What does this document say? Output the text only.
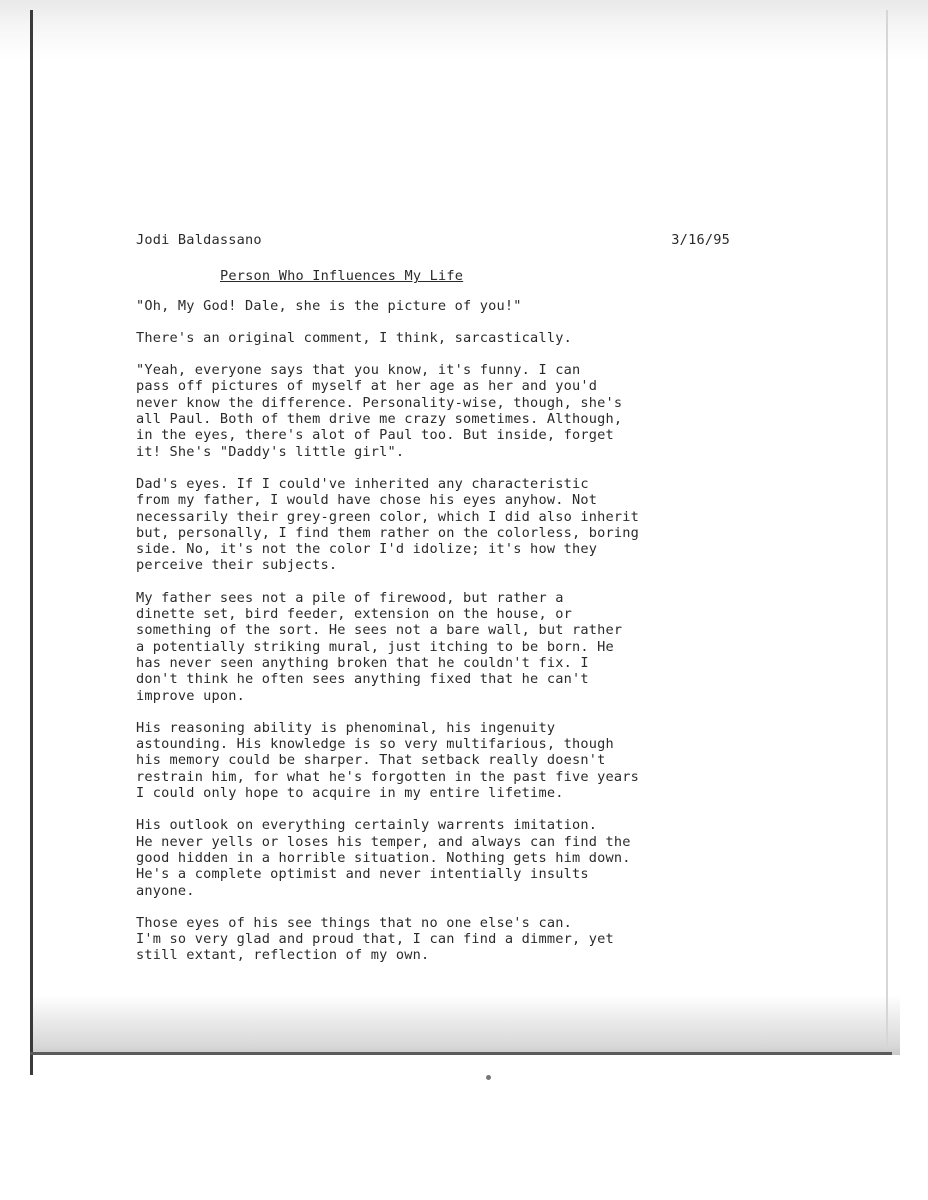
Jodi Baldassano	3/16/95
Person Who Influences My Life

"Oh, My God! Dale, she is the picture of you!"

There's an original comment, I think, sarcastically.

"Yeah, everyone says that you know, it's funny. I can
pass off pictures of myself at her age as her and you'd
never know the difference. Personality-wise, though, she's
all Paul. Both of them drive me crazy sometimes. Although,
in the eyes, there's alot of Paul too. But inside, forget
it! She's "Daddy's little girl".

Dad's eyes. If I could've inherited any characteristic
from my father, I would have chose his eyes anyhow. Not
necessarily their grey-green color, which I did also inherit
but, personally, I find them rather on the colorless, boring
side. No, it's not the color I'd idolize; it's how they
perceive their subjects.

My father sees not a pile of firewood, but rather a
dinette set, bird feeder, extension on the house, or
something of the sort. He sees not a bare wall, but rather
a potentially striking mural, just itching to be born. He
has never seen anything broken that he couldn't fix. I
don't think he often sees anything fixed that he can't
improve upon.

His reasoning ability is phenominal, his ingenuity
astounding. His knowledge is so very multifarious, though
his memory could be sharper. That setback really doesn't
restrain him, for what he's forgotten in the past five years
I could only hope to acquire in my entire lifetime.

His outlook on everything certainly warrents imitation.
He never yells or loses his temper, and always can find the
good hidden in a horrible situation. Nothing gets him down.
He's a complete optimist and never intentially insults
anyone.

Those eyes of his see things that no one else's can.
I'm so very glad and proud that, I can find a dimmer, yet
still extant, reflection of my own.
